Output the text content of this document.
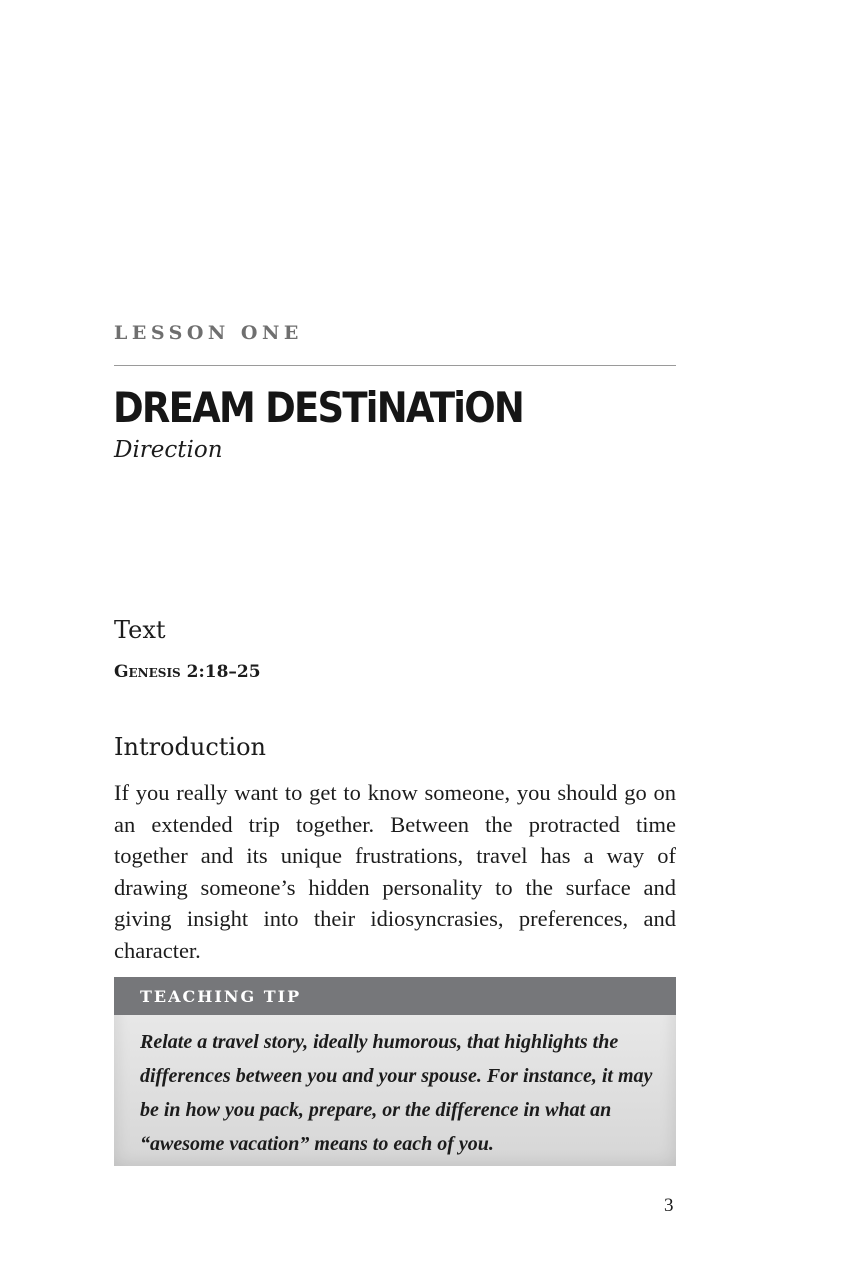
LESSON ONE
DREAM DESTiNATiON
Direction
Text
Genesis 2:18–25
Introduction

If you really want to get to know someone, you should go on an extended trip together. Between the protracted time together and its unique frustrations, travel has a way of drawing someone’s hidden personality to the surface and giving insight into their idiosyncrasies, preferences, and character.

TEACHING TIP

Relate a travel story, ideally humorous, that highlights the differences between you and your spouse. For instance, it may be in how you pack, prepare, or the difference in what an “awesome vacation” means to each of you.

3
